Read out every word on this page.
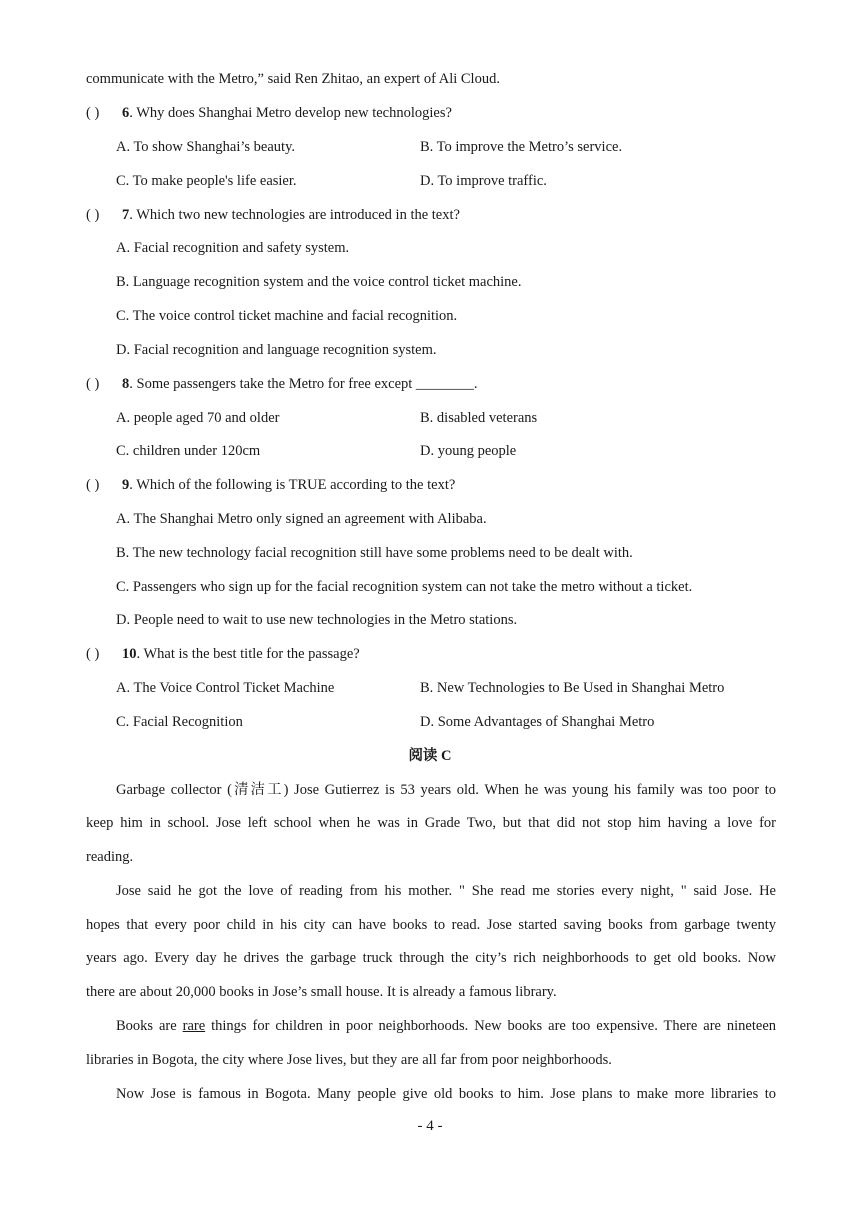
communicate with the Metro,” said Ren Zhitao, an expert of Ali Cloud.
( ) 6. Why does Shanghai Metro develop new technologies?
A. To show Shanghai’s beauty.	B. To improve the Metro’s service.
C. To make people's life easier.	D. To improve traffic.
( ) 7. Which two new technologies are introduced in the text?
A. Facial recognition and safety system.
B. Language recognition system and the voice control ticket machine.
C. The voice control ticket machine and facial recognition.
D. Facial recognition and language recognition system.
( ) 8. Some passengers take the Metro for free except ________.
A. people aged 70 and older	B. disabled veterans
C. children under 120cm	D. young people
( ) 9. Which of the following is TRUE according to the text?
A. The Shanghai Metro only signed an agreement with Alibaba.
B. The new technology facial recognition still have some problems need to be dealt with.
C. Passengers who sign up for the facial recognition system can not take the metro without a ticket.
D. People need to wait to use new technologies in the Metro stations.
( ) 10. What is the best title for the passage?
A. The Voice Control Ticket Machine	B. New Technologies to Be Used in Shanghai Metro
C. Facial Recognition	D. Some Advantages of Shanghai Metro
阅读 C
Garbage collector (清洁工) Jose Gutierrez is 53 years old. When he was young his family was too poor to
keep him in school. Jose left school when he was in Grade Two, but that did not stop him having a love for
reading.
Jose said he got the love of reading from his mother. " She read me stories every night, " said Jose. He
hopes that every poor child in his city can have books to read. Jose started saving books from garbage twenty
years ago. Every day he drives the garbage truck through the city’s rich neighborhoods to get old books. Now
there are about 20,000 books in Jose’s small house. It is already a famous library.
Books are rare things for children in poor neighborhoods. New books are too expensive. There are nineteen
libraries in Bogota, the city where Jose lives, but they are all far from poor neighborhoods.
Now Jose is famous in Bogota. Many people give old books to him. Jose plans to make more libraries to
- 4 -
